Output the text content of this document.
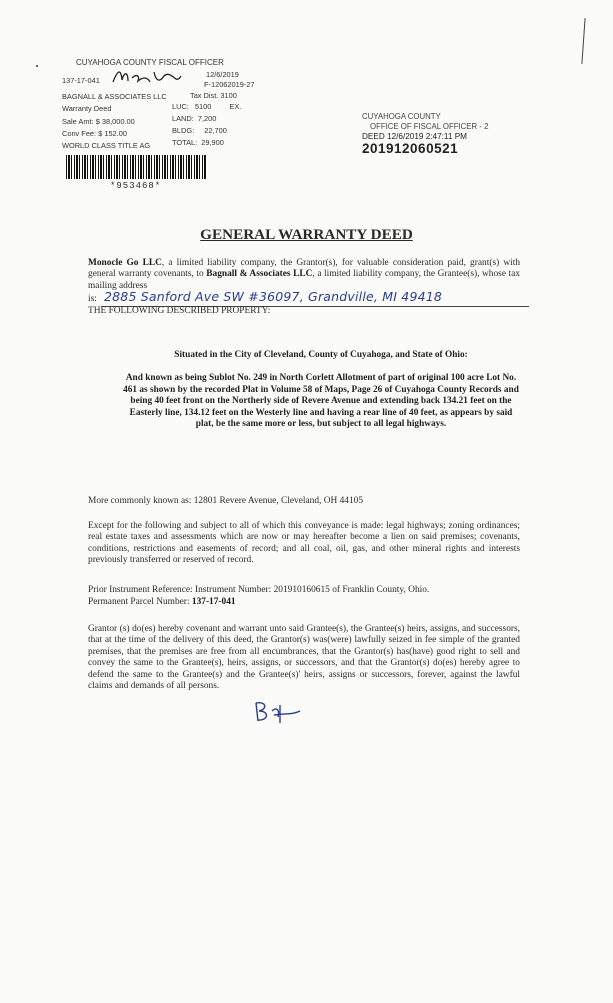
CUYAHOGA COUNTY FISCAL OFFICER
137-17-041
12/6/2019
F-12062019-27
BAGNALL & ASSOCIATES LLC	Tax Dist. 3100
Warranty Deed	LUC: 5100 EX.
Sale Amt: $ 38,000.00	LAND: 7,200
Conv Fee: $ 152.00	BLDG: 22,700
WORLD CLASS TITLE AG	TOTAL: 29,900
*953468*
CUYAHOGA COUNTY
OFFICE OF FISCAL OFFICER - 2
DEED 12/6/2019 2:47:11 PM
201912060521
GENERAL WARRANTY DEED
Monocle Go LLC, a limited liability company, the Grantor(s), for valuable consideration paid, grant(s) with general warranty covenants, to Bagnall & Associates LLC, a limited liability company, the Grantee(s), whose tax mailing address
is: 2885 Sanford Ave SW #36097, Grandville, MI 49418
THE FOLLOWING DESCRIBED PROPERTY:
Situated in the City of Cleveland, County of Cuyahoga, and State of Ohio:
And known as being Sublot No. 249 in North Corlett Allotment of part of original 100 acre Lot No. 461 as shown by the recorded Plat in Volume 58 of Maps, Page 26 of Cuyahoga County Records and being 40 feet front on the Northerly side of Revere Avenue and extending back 134.21 feet on the Easterly line, 134.12 feet on the Westerly line and having a rear line of 40 feet, as appears by said plat, be the same more or less, but subject to all legal highways.
More commonly known as: 12801 Revere Avenue, Cleveland, OH 44105
Except for the following and subject to all of which this conveyance is made: legal highways; zoning ordinances; real estate taxes and assessments which are now or may hereafter become a lien on said premises; covenants, conditions, restrictions and easements of record; and all coal, oil, gas, and other mineral rights and interests previously transferred or reserved of record.
Prior Instrument Reference: Instrument Number: 201910160615 of Franklin County, Ohio.
Permanent Parcel Number: 137-17-041
Grantor (s) do(es) hereby covenant and warrant unto said Grantee(s), the Grantee(s) heirs, assigns, and successors, that at the time of the delivery of this deed, the Grantor(s) was(were) lawfully seized in fee simple of the granted premises, that the premises are free from all encumbrances, that the Grantor(s) has(have) good right to sell and convey the same to the Grantee(s), heirs, assigns, or successors, and that the Grantor(s) do(es) hereby agree to defend the same to the Grantee(s) and the Grantee(s)' heirs, assigns or successors, forever, against the lawful claims and demands of all persons.
